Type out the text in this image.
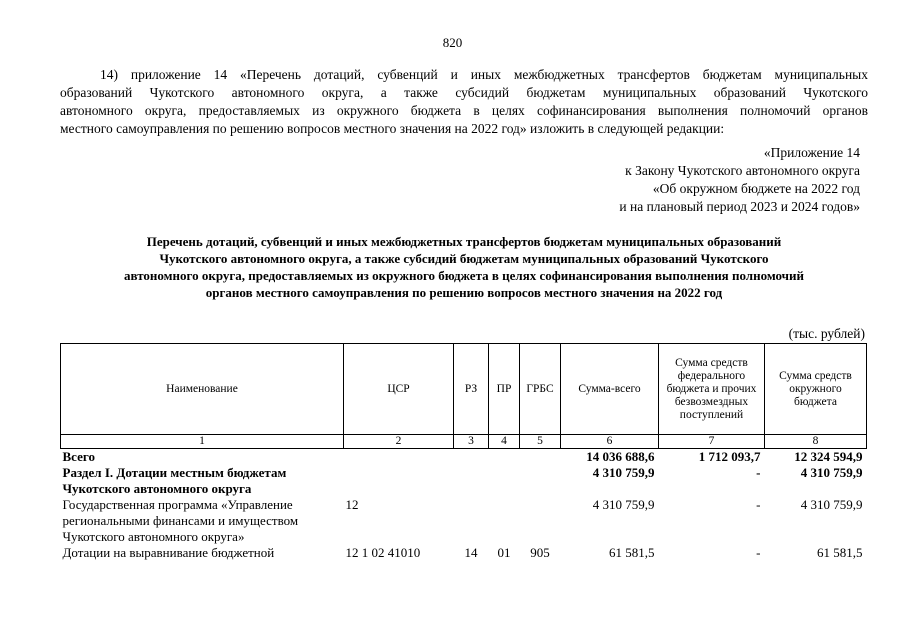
820
14) приложение 14 «Перечень дотаций, субвенций и иных межбюджетных трансфертов бюджетам муниципальных
образований Чукотского автономного округа, а также субсидий бюджетам муниципальных образований Чукотского
автономного округа, предоставляемых из окружного бюджета в целях софинансирования выполнения полномочий органов
местного самоуправления по решению вопросов местного значения на 2022 год» изложить в следующей редакции:
«Приложение 14
к Закону Чукотского автономного округа
«Об окружном бюджете на 2022 год
и на плановый период 2023 и 2024 годов»
Перечень дотаций, субвенций и иных межбюджетных трансфертов бюджетам муниципальных образований
Чукотского автономного округа, а также субсидий бюджетам муниципальных образований Чукотского
автономного округа, предоставляемых из окружного бюджета в целях софинансирования выполнения полномочий
органов местного самоуправления по решению вопросов местного значения на 2022 год
(тыс. рублей)
Наименование	ЦСР	РЗ	ПР	ГРБС	Сумма-всего	Сумма средств федерального бюджета и прочих безвозмездных поступлений	Сумма средств окружного бюджета
1	2	3	4	5	6	7	8
Всего					14 036 688,6	1 712 093,7	12 324 594,9
Раздел I. Дотации местным бюджетам Чукотского автономного округа					4 310 759,9	-	4 310 759,9
Государственная программа «Управление региональными финансами и имуществом Чукотского автономного округа»	12				4 310 759,9	-	4 310 759,9
Дотации на выравнивание бюджетной	12 1 02 41010	14	01	905	61 581,5	-	61 581,5
